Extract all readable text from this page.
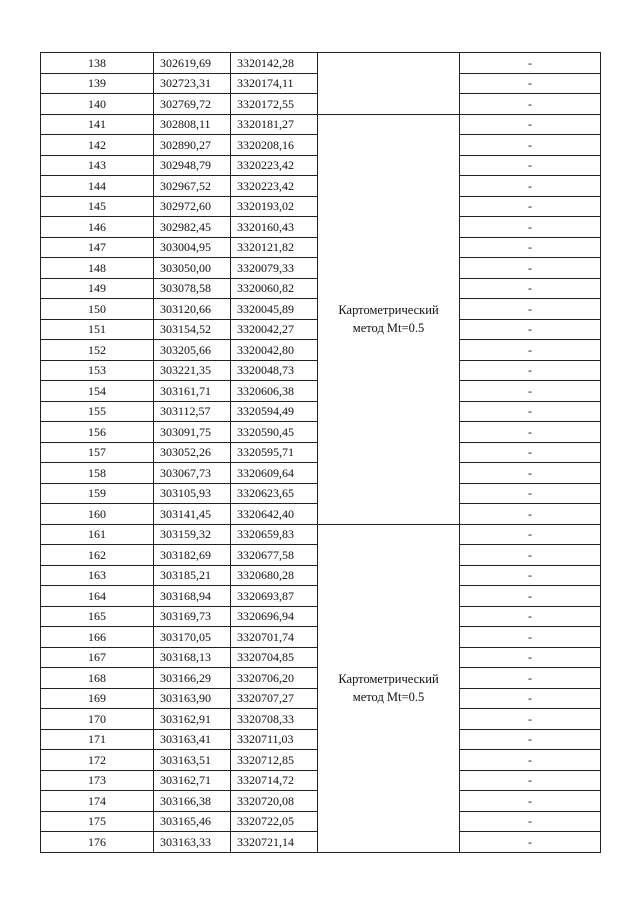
138	302619,69	3320142,28		-
139	302723,31	3320174,11		-
140	302769,72	3320172,55		-
141	302808,11	3320181,27	Картометрический
метод Mt=0.5	-
142	302890,27	3320208,16		-
143	302948,79	3320223,42		-
144	302967,52	3320223,42		-
145	302972,60	3320193,02		-
146	302982,45	3320160,43		-
147	303004,95	3320121,82		-
148	303050,00	3320079,33		-
149	303078,58	3320060,82		-
150	303120,66	3320045,89		-
151	303154,52	3320042,27		-
152	303205,66	3320042,80		-
153	303221,35	3320048,73		-
154	303161,71	3320606,38		-
155	303112,57	3320594,49		-
156	303091,75	3320590,45		-
157	303052,26	3320595,71		-
158	303067,73	3320609,64		-
159	303105,93	3320623,65		-
160	303141,45	3320642,40		-
161	303159,32	3320659,83	Картометрический
метод Mt=0.5	-
162	303182,69	3320677,58		-
163	303185,21	3320680,28		-
164	303168,94	3320693,87		-
165	303169,73	3320696,94		-
166	303170,05	3320701,74		-
167	303168,13	3320704,85		-
168	303166,29	3320706,20		-
169	303163,90	3320707,27		-
170	303162,91	3320708,33		-
171	303163,41	3320711,03		-
172	303163,51	3320712,85		-
173	303162,71	3320714,72		-
174	303166,38	3320720,08		-
175	303165,46	3320722,05		-
176	303163,33	3320721,14		-
